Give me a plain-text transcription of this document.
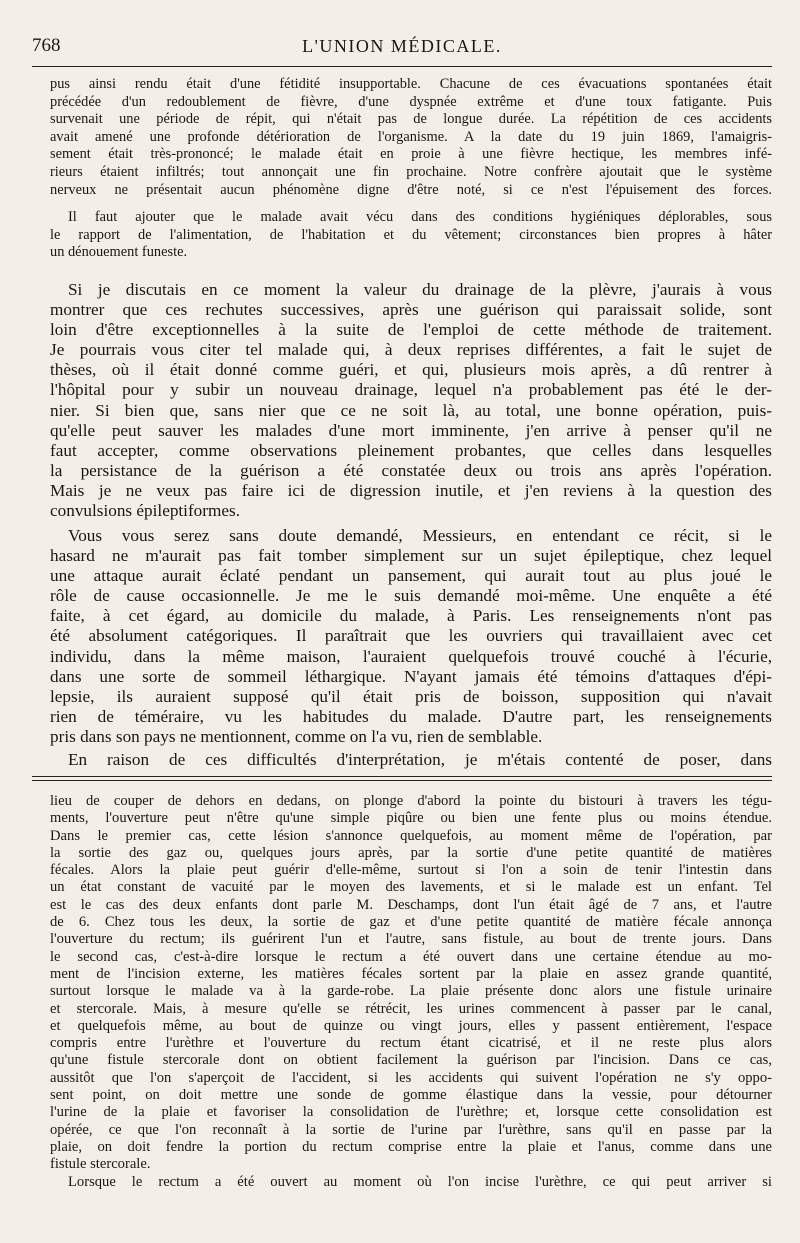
768	L'UNION MÉDICALE.
pus ainsi rendu était d'une fétidité insupportable. Chacune de ces évacuations spontanées était
précédée d'un redoublement de fièvre, d'une dyspnée extrême et d'une toux fatigante. Puis
survenait une période de répit, qui n'était pas de longue durée. La répétition de ces accidents
avait amené une profonde détérioration de l'organisme. A la date du 19 juin 1869, l'amaigris-
sement était très-prononcé; le malade était en proie à une fièvre hectique, les membres infé-
rieurs étaient infiltrés; tout annonçait une fin prochaine. Notre confrère ajoutait que le système
nerveux ne présentait aucun phénomène digne d'être noté, si ce n'est l'épuisement des forces.
Il faut ajouter que le malade avait vécu dans des conditions hygiéniques déplorables, sous
le rapport de l'alimentation, de l'habitation et du vêtement; circonstances bien propres à hâter
un dénouement funeste.
Si je discutais en ce moment la valeur du drainage de la plèvre, j'aurais à vous
montrer que ces rechutes successives, après une guérison qui paraissait solide, sont
loin d'être exceptionnelles à la suite de l'emploi de cette méthode de traitement.
Je pourrais vous citer tel malade qui, à deux reprises différentes, a fait le sujet de
thèses, où il était donné comme guéri, et qui, plusieurs mois après, a dû rentrer à
l'hôpital pour y subir un nouveau drainage, lequel n'a probablement pas été le der-
nier. Si bien que, sans nier que ce ne soit là, au total, une bonne opération, puis-
qu'elle peut sauver les malades d'une mort imminente, j'en arrive à penser qu'il ne
faut accepter, comme observations pleinement probantes, que celles dans lesquelles
la persistance de la guérison a été constatée deux ou trois ans après l'opération.
Mais je ne veux pas faire ici de digression inutile, et j'en reviens à la question des
convulsions épileptiformes.
Vous vous serez sans doute demandé, Messieurs, en entendant ce récit, si le
hasard ne m'aurait pas fait tomber simplement sur un sujet épileptique, chez lequel
une attaque aurait éclaté pendant un pansement, qui aurait tout au plus joué le
rôle de cause occasionnelle. Je me le suis demandé moi-même. Une enquête a été
faite, à cet égard, au domicile du malade, à Paris. Les renseignements n'ont pas
été absolument catégoriques. Il paraîtrait que les ouvriers qui travaillaient avec cet
individu, dans la même maison, l'auraient quelquefois trouvé couché à l'écurie,
dans une sorte de sommeil léthargique. N'ayant jamais été témoins d'attaques d'épi-
lepsie, ils auraient supposé qu'il était pris de boisson, supposition qui n'avait
rien de téméraire, vu les habitudes du malade. D'autre part, les renseignements
pris dans son pays ne mentionnent, comme on l'a vu, rien de semblable.
En raison de ces difficultés d'interprétation, je m'étais contenté de poser, dans
lieu de couper de dehors en dedans, on plonge d'abord la pointe du bistouri à travers les tégu-
ments, l'ouverture peut n'être qu'une simple piqûre ou bien une fente plus ou moins étendue.
Dans le premier cas, cette lésion s'annonce quelquefois, au moment même de l'opération, par
la sortie des gaz ou, quelques jours après, par la sortie d'une petite quantité de matières
fécales. Alors la plaie peut guérir d'elle-même, surtout si l'on a soin de tenir l'intestin dans
un état constant de vacuité par le moyen des lavements, et si le malade est un enfant. Tel
est le cas des deux enfants dont parle M. Deschamps, dont l'un était âgé de 7 ans, et l'autre
de 6. Chez tous les deux, la sortie de gaz et d'une petite quantité de matière fécale annonça
l'ouverture du rectum; ils guérirent l'un et l'autre, sans fistule, au bout de trente jours. Dans
le second cas, c'est-à-dire lorsque le rectum a été ouvert dans une certaine étendue au mo-
ment de l'incision externe, les matières fécales sortent par la plaie en assez grande quantité,
surtout lorsque le malade va à la garde-robe. La plaie présente donc alors une fistule urinaire
et stercorale. Mais, à mesure qu'elle se rétrécit, les urines commencent à passer par le canal,
et quelquefois même, au bout de quinze ou vingt jours, elles y passent entièrement, l'espace
compris entre l'urèthre et l'ouverture du rectum étant cicatrisé, et il ne reste plus alors
qu'une fistule stercorale dont on obtient facilement la guérison par l'incision. Dans ce cas,
aussitôt que l'on s'aperçoit de l'accident, si les accidents qui suivent l'opération ne s'y oppo-
sent point, on doit mettre une sonde de gomme élastique dans la vessie, pour détourner
l'urine de la plaie et favoriser la consolidation de l'urèthre; et, lorsque cette consolidation est
opérée, ce que l'on reconnaît à la sortie de l'urine par l'urèthre, sans qu'il en passe par la
plaie, on doit fendre la portion du rectum comprise entre la plaie et l'anus, comme dans une
fistule stercorale.
Lorsque le rectum a été ouvert au moment où l'on incise l'urèthre, ce qui peut arriver si
